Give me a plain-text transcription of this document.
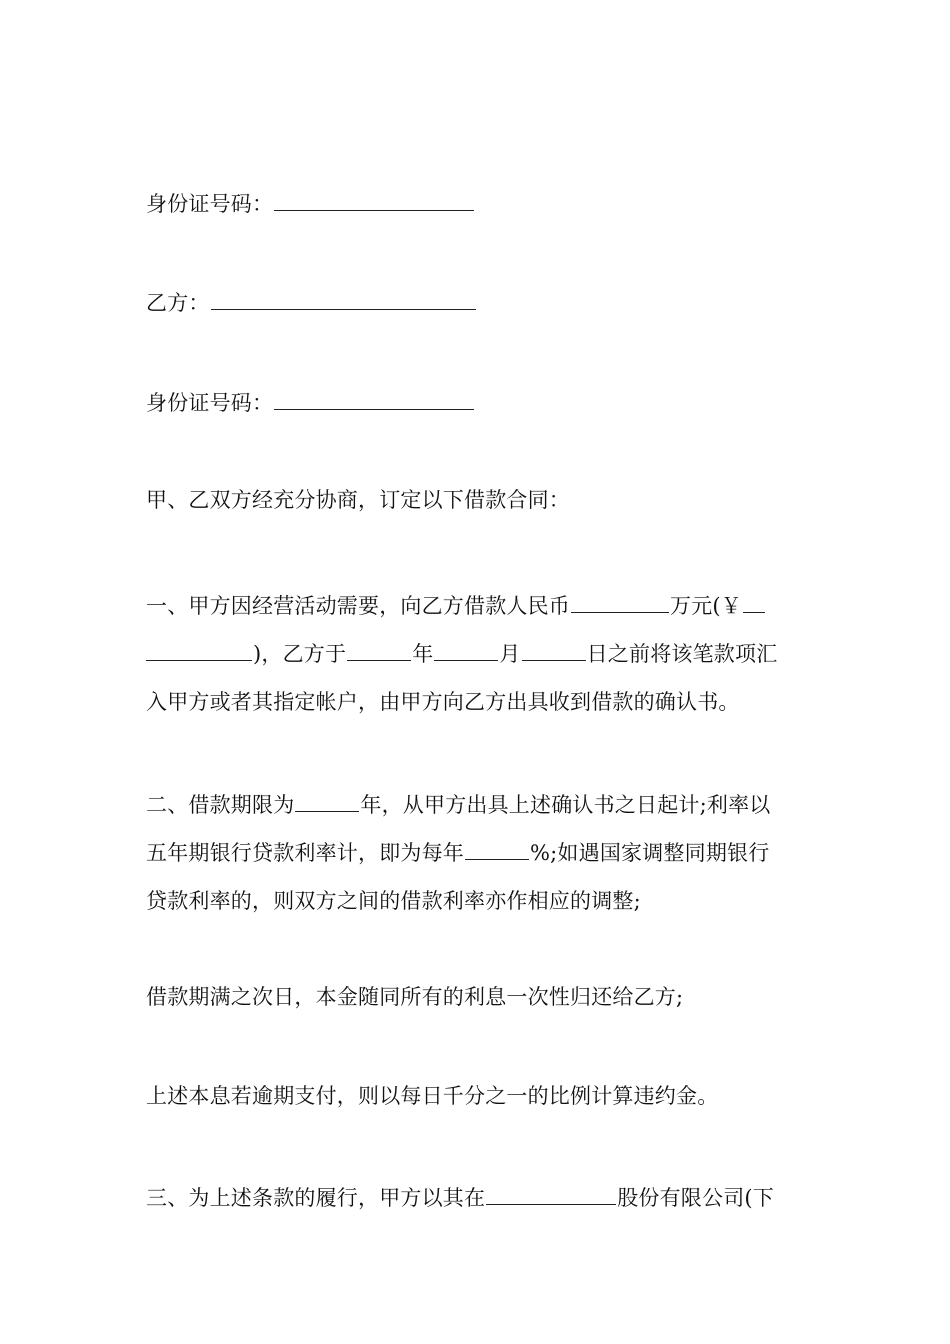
身份证号码：
乙方：
身份证号码：
甲、乙双方经充分协商，订定以下借款合同：
一、甲方因经营活动需要，向乙方借款人民币	万元(￥
)，乙方于	年	月	日之前将该笔款项汇
入甲方或者其指定帐户，由甲方向乙方出具收到借款的确认书。
二、借款期限为	年，从甲方出具上述确认书之日起计;利率以
五年期银行贷款利率计，即为每年	%;如遇国家调整同期银行
贷款利率的，则双方之间的借款利率亦作相应的调整;
借款期满之次日，本金随同所有的利息一次性归还给乙方;
上述本息若逾期支付，则以每日千分之一的比例计算违约金。
三、为上述条款的履行，甲方以其在	股份有限公司(下
